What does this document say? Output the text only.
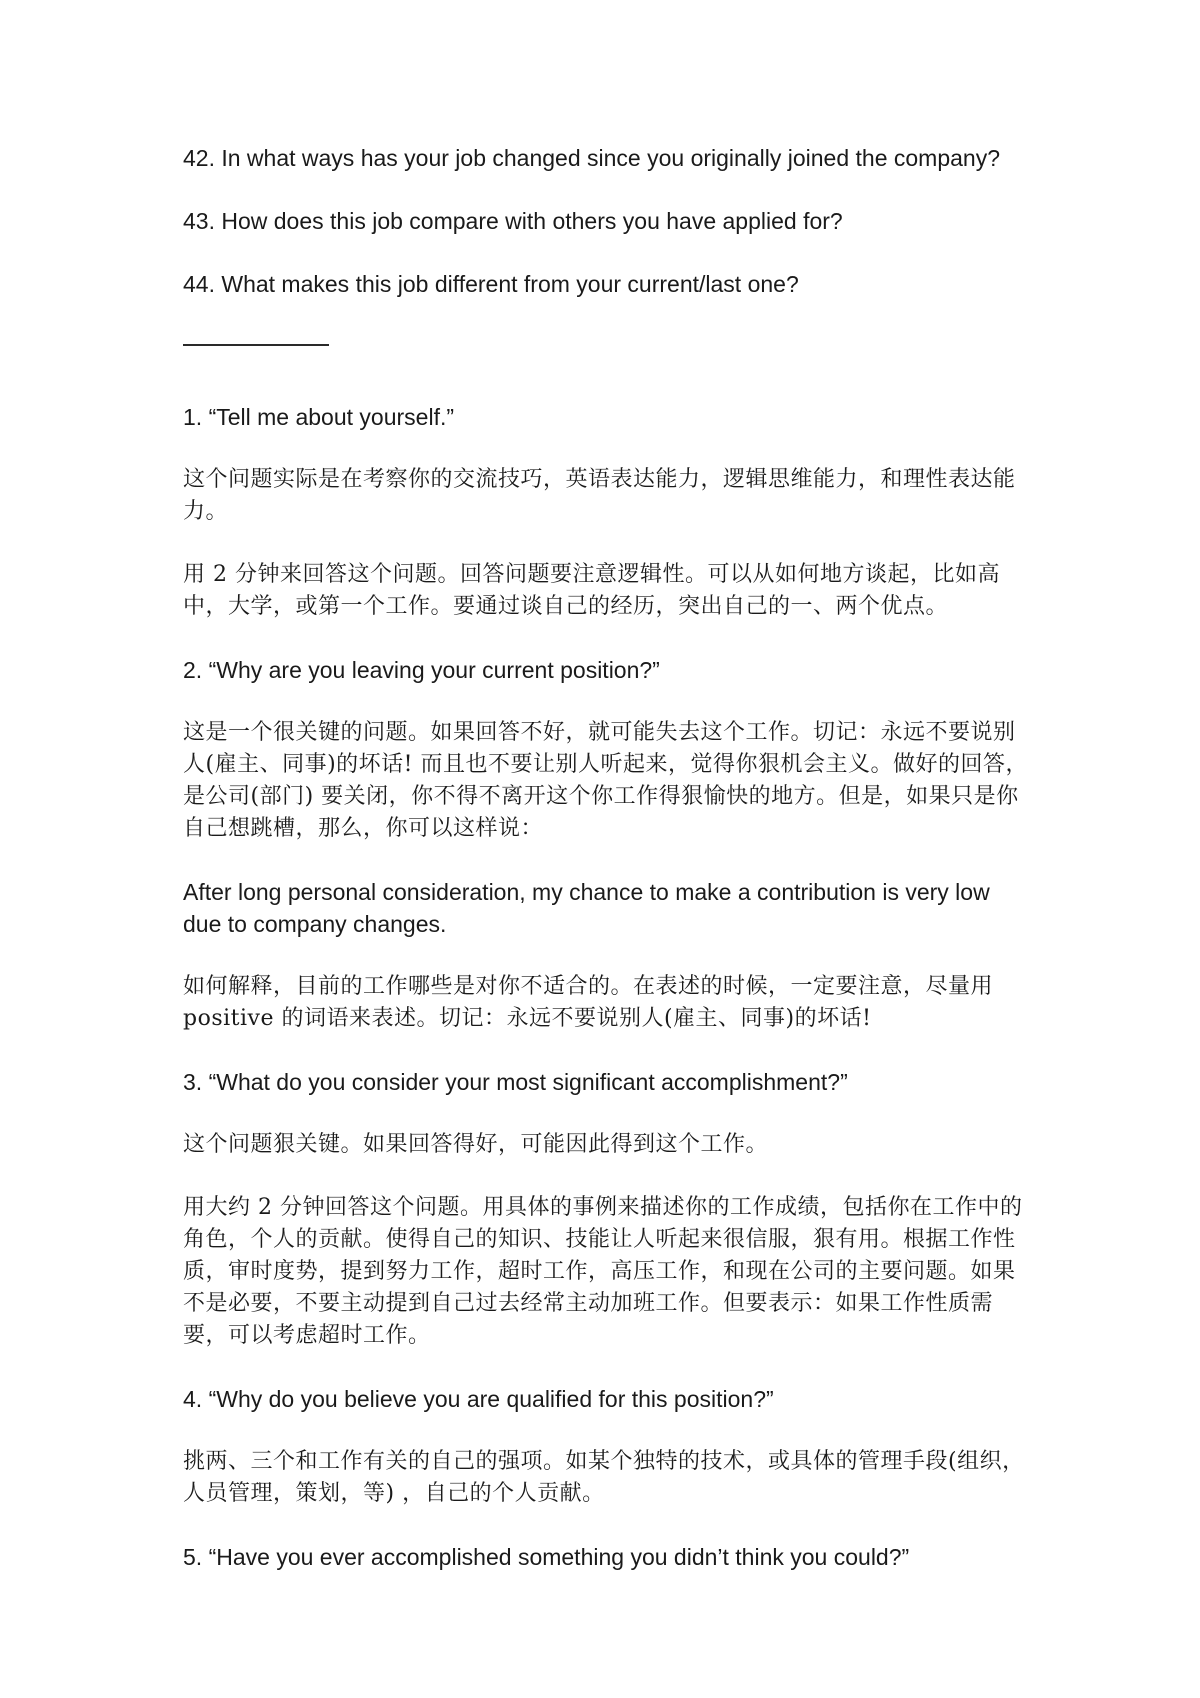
42. In what ways has your job changed since you originally joined the company?

43. How does this job compare with others you have applied for?

44. What makes this job different from your current/last one?

1. “Tell me about yourself.”

这个问题实际是在考察你的交流技巧，英语表达能力，逻辑思维能力，和理性表达能力。

用 2 分钟来回答这个问题。回答问题要注意逻辑性。可以从如何地方谈起，比如高中，大学，或第一个工作。要通过谈自己的经历，突出自己的一、两个优点。

2. “Why are you leaving your current position?”

这是一个很关键的问题。如果回答不好，就可能失去这个工作。切记：永远不要说别人(雇主、同事)的坏话! 而且也不要让别人听起来，觉得你狠机会主义。做好的回答，是公司(部门) 要关闭，你不得不离开这个你工作得狠愉快的地方。但是，如果只是你自己想跳槽，那么，你可以这样说：

After long personal consideration, my chance to make a contribution is very low due to company changes.

如何解释，目前的工作哪些是对你不适合的。在表述的时候，一定要注意，尽量用 positive 的词语来表述。切记：永远不要说别人(雇主、同事)的坏话!

3. “What do you consider your most significant accomplishment?”

这个问题狠关键。如果回答得好，可能因此得到这个工作。

用大约 2 分钟回答这个问题。用具体的事例来描述你的工作成绩，包括你在工作中的角色，个人的贡献。使得自己的知识、技能让人听起来很信服，狠有用。根据工作性质，审时度势，提到努力工作，超时工作，高压工作，和现在公司的主要问题。如果不是必要，不要主动提到自己过去经常主动加班工作。但要表示：如果工作性质需要，可以考虑超时工作。

4. “Why do you believe you are qualified for this position?”

挑两、三个和工作有关的自己的强项。如某个独特的技术，或具体的管理手段(组织，人员管理，策划，等) ，自己的个人贡献。

5. “Have you ever accomplished something you didn’t think you could?”
